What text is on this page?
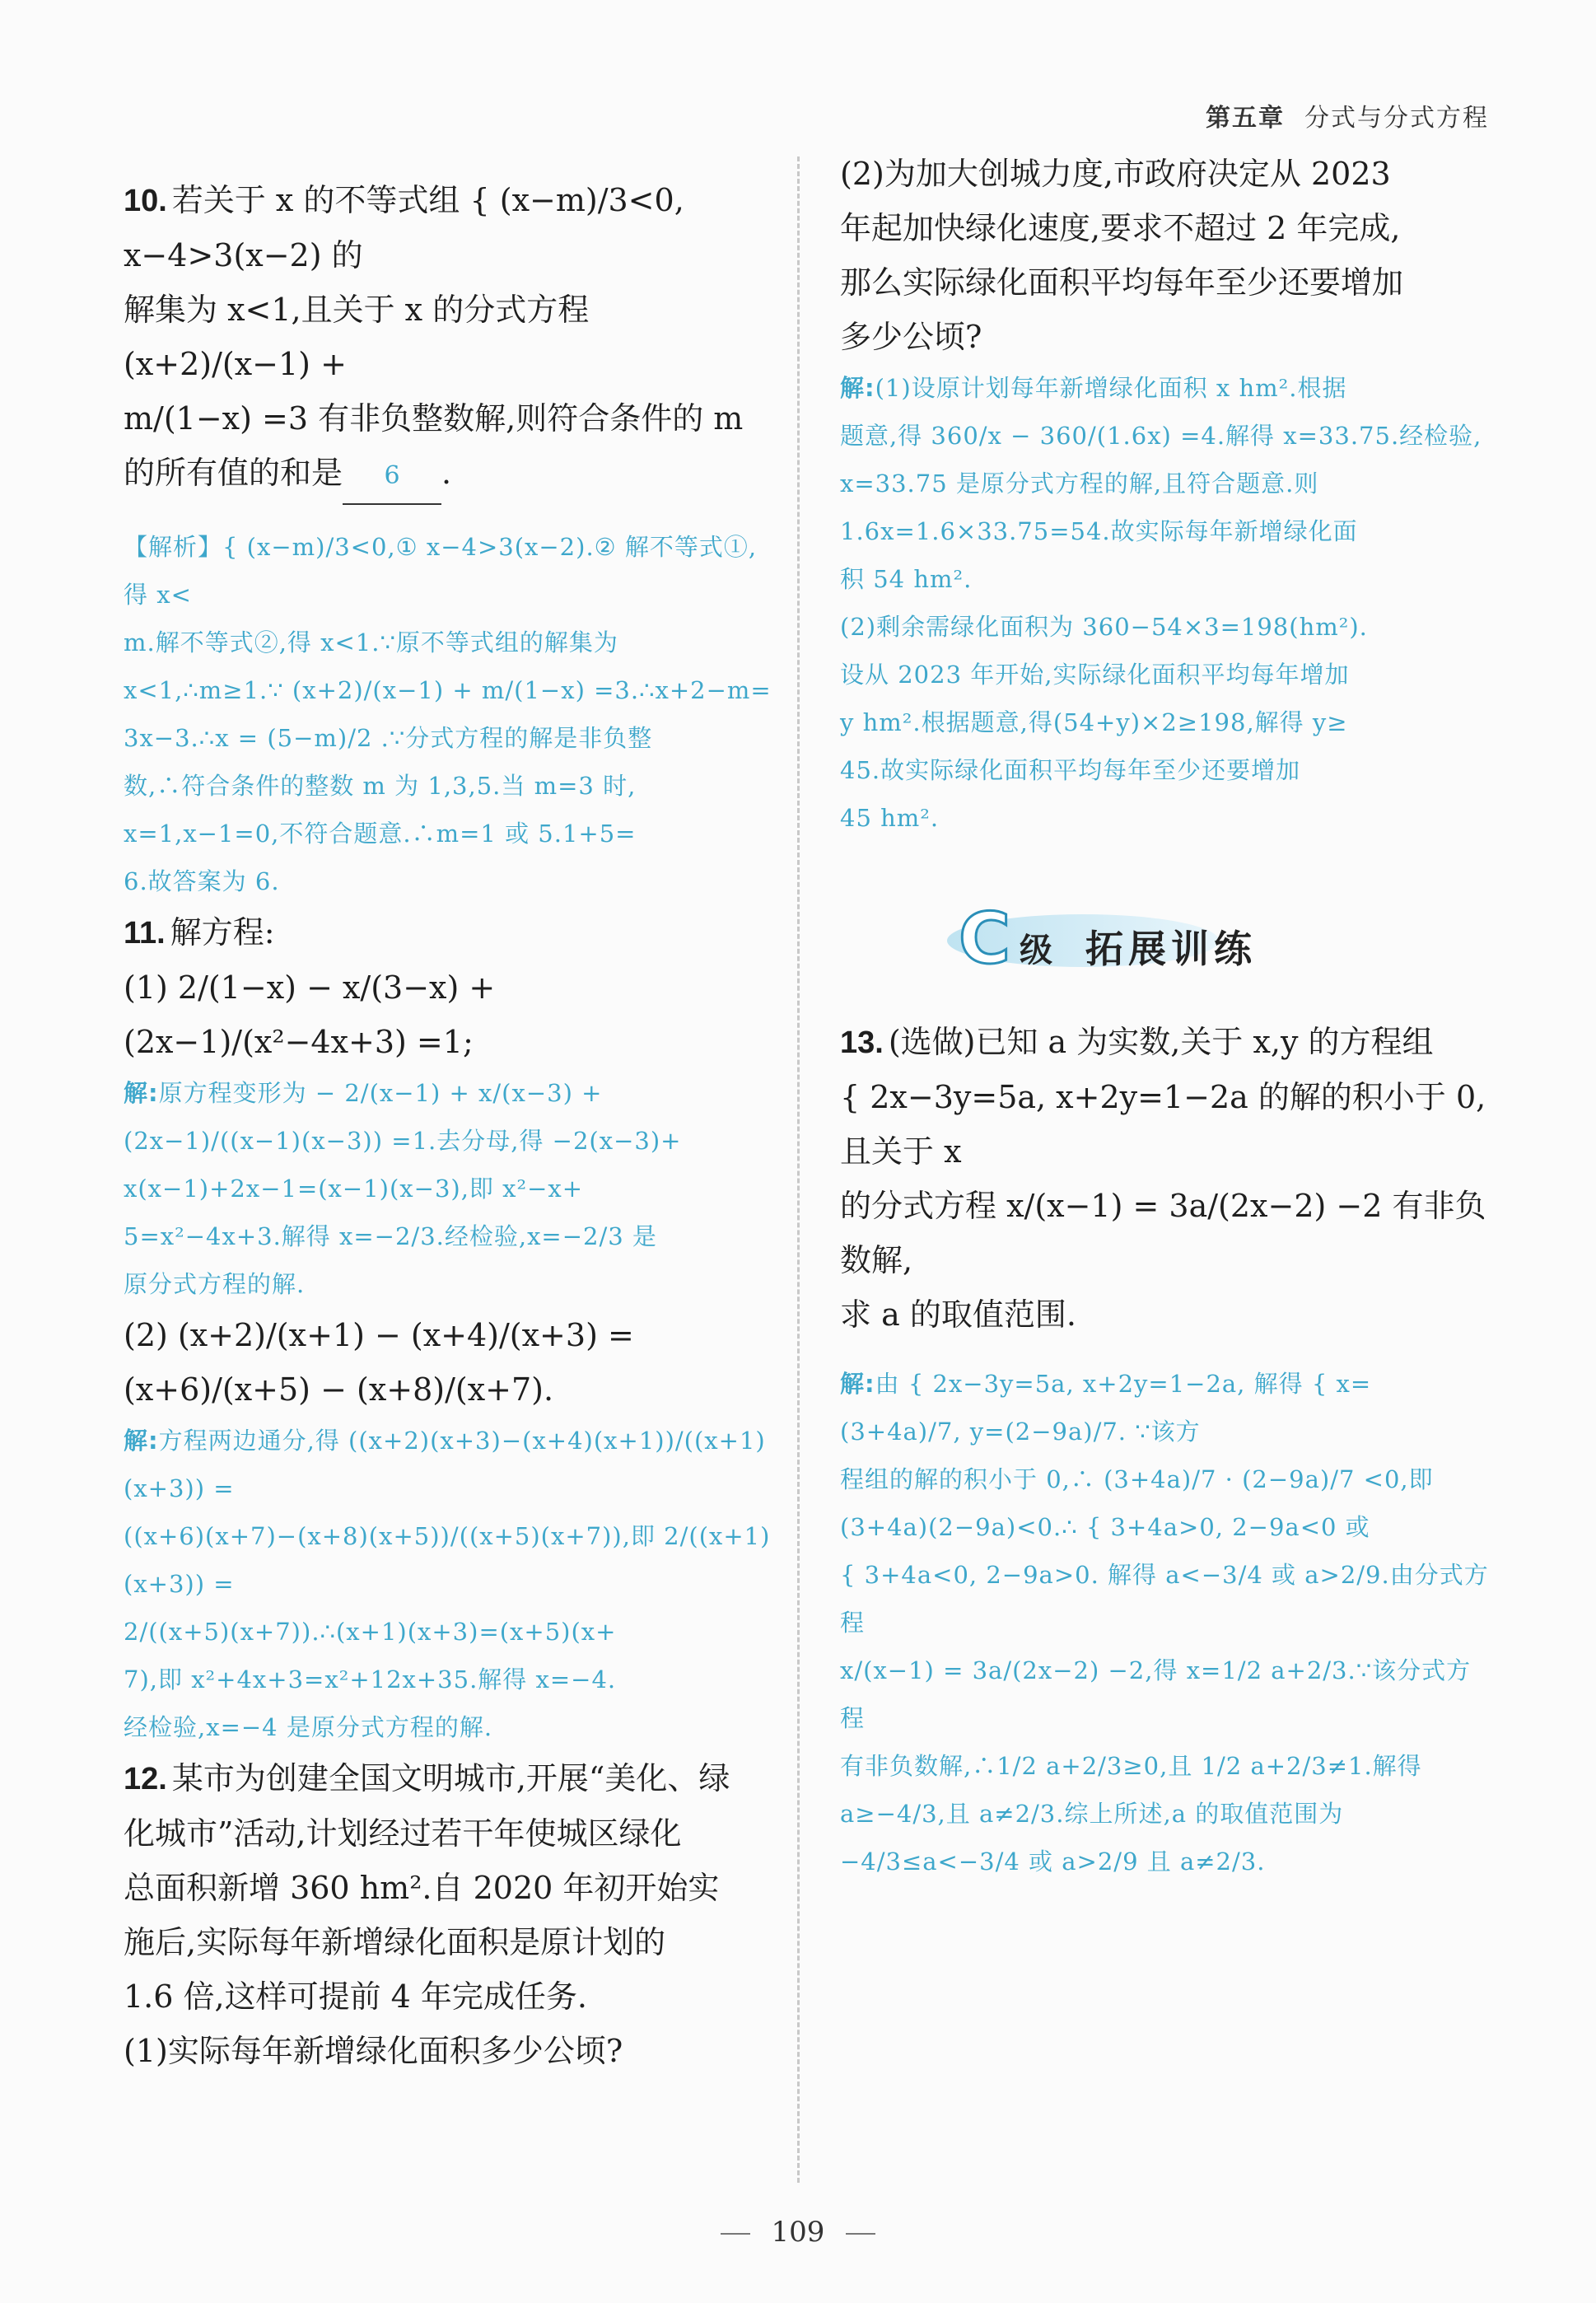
第五章 分式与分式方程

10. 若关于 x 的不等式组 { (x−m)/3<0, x−4>3(x−2) 的

解集为 x<1,且关于 x 的分式方程(x+2)/(x−1) +

m/(1−x) =3 有非负整数解,则符合条件的 m

的所有值的和是 6 .

【解析】{ (x−m)/3<0,① x−4>3(x−2).② 解不等式①,得 x<

m.解不等式②,得 x<1.∵原不等式组的解集为

x<1,∴m≥1.∵ (x+2)/(x−1) + m/(1−x) =3.∴x+2−m=

3x−3.∴x = (5−m)/2 .∵分式方程的解是非负整

数,∴符合条件的整数 m 为 1,3,5.当 m=3 时,

x=1,x−1=0,不符合题意.∴m=1 或 5.1+5=

6.故答案为 6.

11. 解方程:

(1) 2/(1−x) − x/(3−x) + (2x−1)/(x²−4x+3) =1;

解:原方程变形为 − 2/(x−1) + x/(x−3) +

(2x−1)/((x−1)(x−3)) =1.去分母,得 −2(x−3)+

x(x−1)+2x−1=(x−1)(x−3),即 x²−x+

5=x²−4x+3.解得 x=−2/3.经检验,x=−2/3 是

原分式方程的解.

(2) (x+2)/(x+1) − (x+4)/(x+3) = (x+6)/(x+5) − (x+8)/(x+7).

解:方程两边通分,得 ((x+2)(x+3)−(x+4)(x+1))/((x+1)(x+3)) =

((x+6)(x+7)−(x+8)(x+5))/((x+5)(x+7)),即 2/((x+1)(x+3)) =

2/((x+5)(x+7)).∴(x+1)(x+3)=(x+5)(x+

7),即 x²+4x+3=x²+12x+35.解得 x=−4.

经检验,x=−4 是原分式方程的解.

12. 某市为创建全国文明城市,开展“美化、绿

化城市”活动,计划经过若干年使城区绿化

总面积新增 360 hm².自 2020 年初开始实

施后,实际每年新增绿化面积是原计划的

1.6 倍,这样可提前 4 年完成任务.

(1)实际每年新增绿化面积多少公顷?

(2)为加大创城力度,市政府决定从 2023

年起加快绿化速度,要求不超过 2 年完成,

那么实际绿化面积平均每年至少还要增加

多少公顷?

解:(1)设原计划每年新增绿化面积 x hm².根据

题意,得 360/x − 360/(1.6x) =4.解得 x=33.75.经检验,

x=33.75 是原分式方程的解,且符合题意.则

1.6x=1.6×33.75=54.故实际每年新增绿化面

积 54 hm².

(2)剩余需绿化面积为 360−54×3=198(hm²).

设从 2023 年开始,实际绿化面积平均每年增加

y hm².根据题意,得(54+y)×2≥198,解得 y≥

45.故实际绿化面积平均每年至少还要增加

45 hm².

C 级 拓展训练

13. (选做)已知 a 为实数,关于 x,y 的方程组

{ 2x−3y=5a, x+2y=1−2a 的解的积小于 0,且关于 x

的分式方程 x/(x−1) = 3a/(2x−2) −2 有非负数解,

求 a 的取值范围.

解:由 { 2x−3y=5a, x+2y=1−2a, 解得 { x=(3+4a)/7, y=(2−9a)/7. ∵该方

程组的解的积小于 0,∴ (3+4a)/7 · (2−9a)/7 <0,即

(3+4a)(2−9a)<0.∴ { 3+4a>0, 2−9a<0 或

{ 3+4a<0, 2−9a>0. 解得 a<−3/4 或 a>2/9.由分式方程

x/(x−1) = 3a/(2x−2) −2,得 x=1/2 a+2/3.∵该分式方程

有非负数解,∴1/2 a+2/3≥0,且 1/2 a+2/3≠1.解得

a≥−4/3,且 a≠2/3.综上所述,a 的取值范围为

−4/3≤a<−3/4 或 a>2/9 且 a≠2/3.

109
